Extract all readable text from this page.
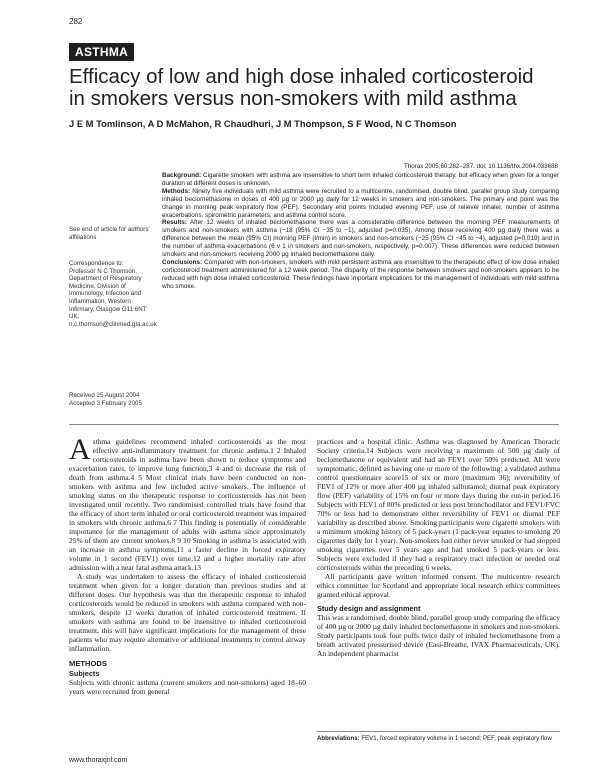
282
ASTHMA
Efficacy of low and high dose inhaled corticosteroid in smokers versus non-smokers with mild asthma
J E M Tomlinson, A D McMahon, R Chaudhuri, J M Thompson, S F Wood, N C Thomson
Thorax 2005;60:282–287. doi: 10.1136/thx.2004.033688

Background: Cigarette smokers with asthma are insensitive to short term inhaled corticosteroid therapy, but efficacy when given for a longer duration at different doses is unknown.

Methods: Ninety five individuals with mild asthma were recruited to a multicentre, randomised, double blind, parallel group study comparing inhaled beclomethasone in doses of 400 µg or 2000 µg daily for 12 weeks in smokers and non-smokers. The primary end point was the change in morning peak expiratory flow (PEF). Secondary end points included evening PEF, use of reliever inhaler, number of asthma exacerbations, spirometric parameters, and asthma control score.

Results: After 12 weeks of inhaled beclomethasone there was a considerable difference between the morning PEF measurements of smokers and non-smokers with asthma (−18 (95% CI −35 to −1), adjusted p=0.035). Among those receiving 400 µg daily there was a difference between the mean (95% CI) morning PEF (l/min) in smokers and non-smokers (−25 (95% CI −45 to −4), adjusted p=0.019) and in the number of asthma exacerbations (6 v 1 in smokers and non-smokers, respectively, p=0.007). These differences were reduced between smokers and non-smokers receiving 2000 µg inhaled beclomethasone daily.

Conclusions: Compared with non-smokers, smokers with mild persistent asthma are insensitive to the therapeutic effect of low dose inhaled corticosteroid treatment administered for a 12 week period. The disparity of the response between smokers and non-smokers appears to be reduced with high dose inhaled corticosteroid. These findings have important implications for the management of individuals with mild asthma who smoke.

See end of article for authors' affiliations

Correspondence to: Professor N C Thomson, Department of Respiratory Medicine, Division of Immunology, Infection and Inflammation, Western Infirmary, Glasgow G11 6NT UK; n.c.thomson@clinmed.gla.ac.uk

Received 25 August 2004

Accepted 3 February 2005

Asthma guidelines recommend inhaled corticosteroids as the most effective anti-inflammatory treatment for chronic asthma.1 2 Inhaled corticosteroids in asthma have been shown to reduce symptoms and exacerbation rates, to improve lung function,3 4 and to decrease the risk of death from asthma.4 5 Most clinical trials have been conducted on non-smokers with asthma and few included active smokers. The influence of smoking status on the therapeutic response to corticosteroids has not been investigated until recently. Two randomised controlled trials have found that the efficacy of short term inhaled or oral corticosteroid treatment was impaired in smokers with chronic asthma.6 7 This finding is potentially of considerable importance for the management of adults with asthma since approximately 25% of them are current smokers.8 9 10 Smoking in asthma is associated with an increase in asthma symptoms,11 a faster decline in forced expiratory volume in 1 second (FEV1) over time,12 and a higher mortality rate after admission with a near fatal asthma attack.13

A study was undertaken to assess the efficacy of inhaled corticosteroid treatment when given for a longer duration than previous studies and at different doses. Our hypothesis was that the therapeutic response to inhaled corticosteroids would be reduced in smokers with asthma compared with non-smokers, despite 12 weeks duration of inhaled corticosteroid treatment. If smokers with asthma are found to be insensitive to inhaled corticosteroid treatment, this will have significant implications for the management of these patients who may require alternative or additional treatments to control airway inflammation.

METHODS
Subjects

Subjects with chronic asthma (current smokers and non-smokers) aged 18–60 years were recruited from general

practices and a hospital clinic. Asthma was diagnosed by American Thoracic Society criteria.14 Subjects were receiving a maximum of 500 µg daily of beclomethasone or equivalent and had an FEV1 over 50% predicted. All were symptomatic, defined as having one or more of the following: a validated asthma control questionnaire score15 of six or more (maximum 36); reversibility of FEV1 of 12% or more after 400 µg inhaled salbutamol; diurnal peak expiratory flow (PEF) variability of 15% on four or more days during the run-in period.16 Subjects with FEV1 of 80% predicted or less post bronchodilator and FEV1/FVC 70% or less had to demonstrate either reversibility of FEV1 or diurnal PEF variability as described above. Smoking participants were cigarette smokers with a minimum smoking history of 5 pack-years (1 pack-year equates to smoking 20 cigarettes daily for 1 year). Non-smokers had either never smoked or had stopped smoking cigarettes over 5 years ago and had smoked 5 pack-years or less. Subjects were excluded if they had a respiratory tract infection or needed oral corticosteroids within the preceding 6 weeks.

All participants gave written informed consent. The multicentre research ethics committee for Scotland and appropriate local research ethics committees granted ethical approval.

Study design and assignment

This was a randomised, double blind, parallel group study comparing the efficacy of 400 µg or 2000 µg daily inhaled beclomethasone in smokers and non-smokers. Study participants took four puffs twice daily of inhaled beclomethasone from a breath activated pressurised device (Easi-Breathe, IVAX Pharmaceuticals, UK). An independent pharmacist

Abbreviations: FEV1, forced expiratory volume in 1 second; PEF, peak expiratory flow
www.thoraxjnl.com
